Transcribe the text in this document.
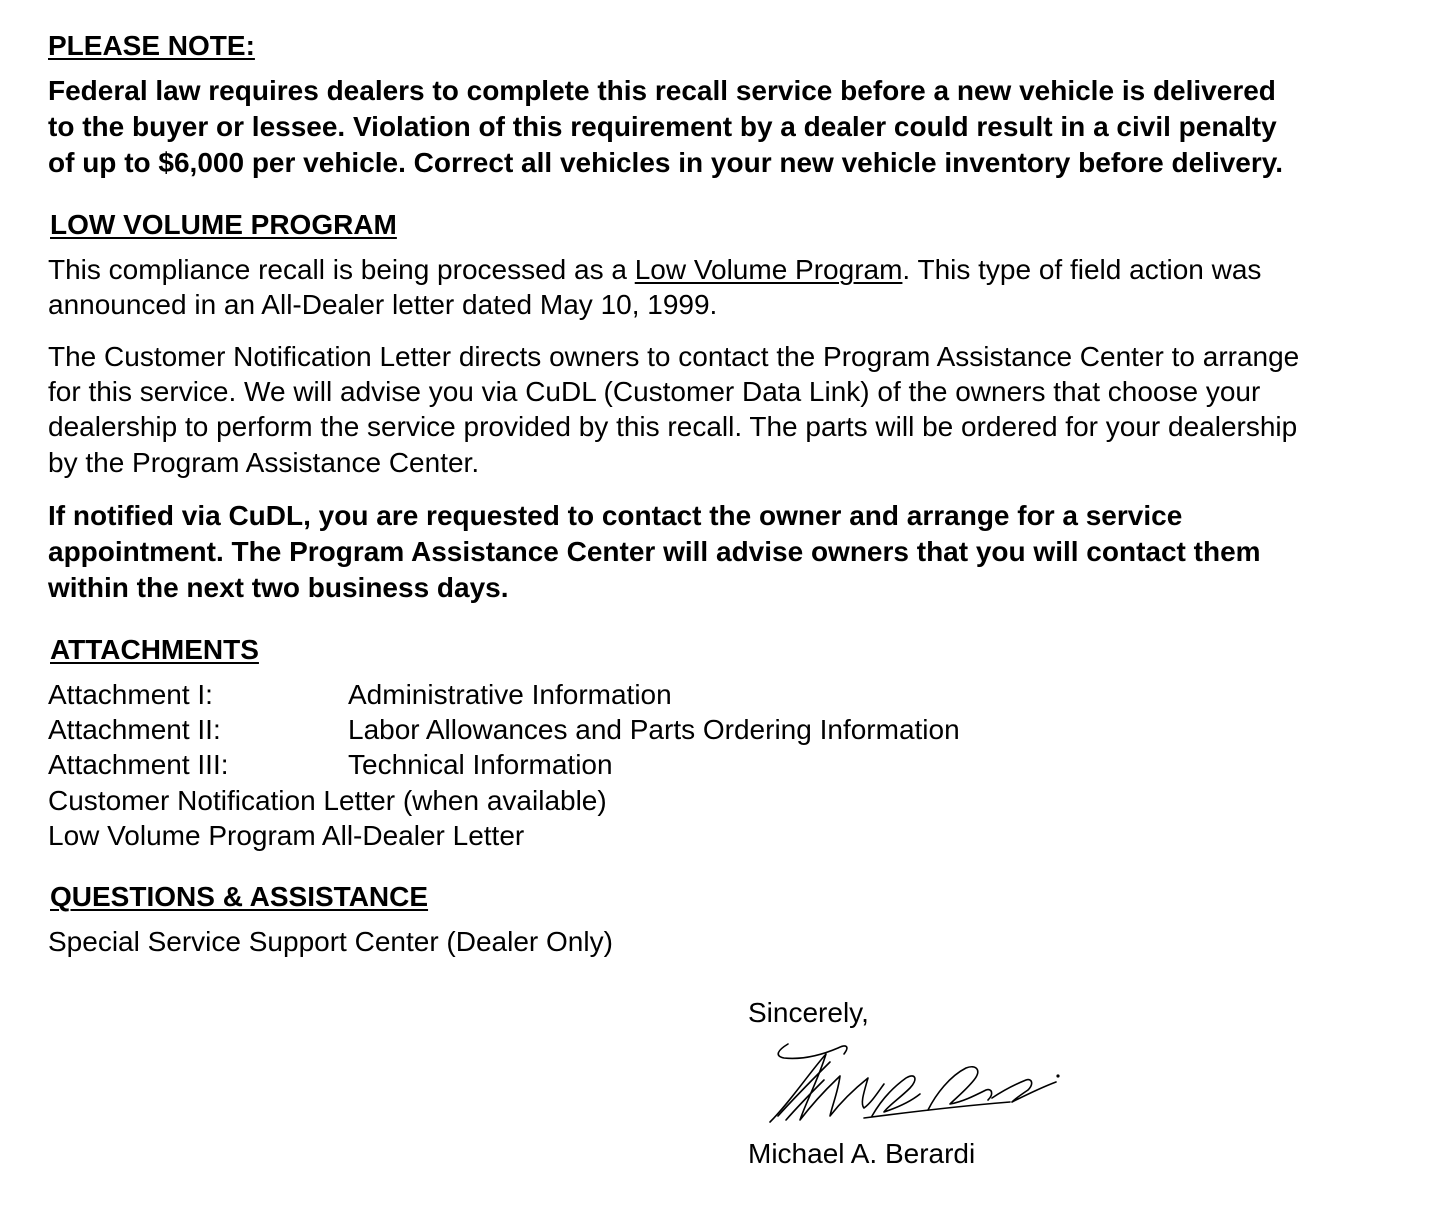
PLEASE NOTE:
Federal law requires dealers to complete this recall service before a new vehicle is delivered
to the buyer or lessee. Violation of this requirement by a dealer could result in a civil penalty
of up to $6,000 per vehicle. Correct all vehicles in your new vehicle inventory before delivery.
LOW VOLUME PROGRAM
This compliance recall is being processed as a Low Volume Program. This type of field action was
announced in an All-Dealer letter dated May 10, 1999.
The Customer Notification Letter directs owners to contact the Program Assistance Center to arrange
for this service. We will advise you via CuDL (Customer Data Link) of the owners that choose your
dealership to perform the service provided by this recall. The parts will be ordered for your dealership
by the Program Assistance Center.
If notified via CuDL, you are requested to contact the owner and arrange for a service
appointment. The Program Assistance Center will advise owners that you will contact them
within the next two business days.
ATTACHMENTS
Attachment I:	Administrative Information
Attachment II:	Labor Allowances and Parts Ordering Information
Attachment III:	Technical Information
Customer Notification Letter (when available)
Low Volume Program All-Dealer Letter
QUESTIONS & ASSISTANCE
Special Service Support Center (Dealer Only)
Sincerely,
Michael A. Berardi
